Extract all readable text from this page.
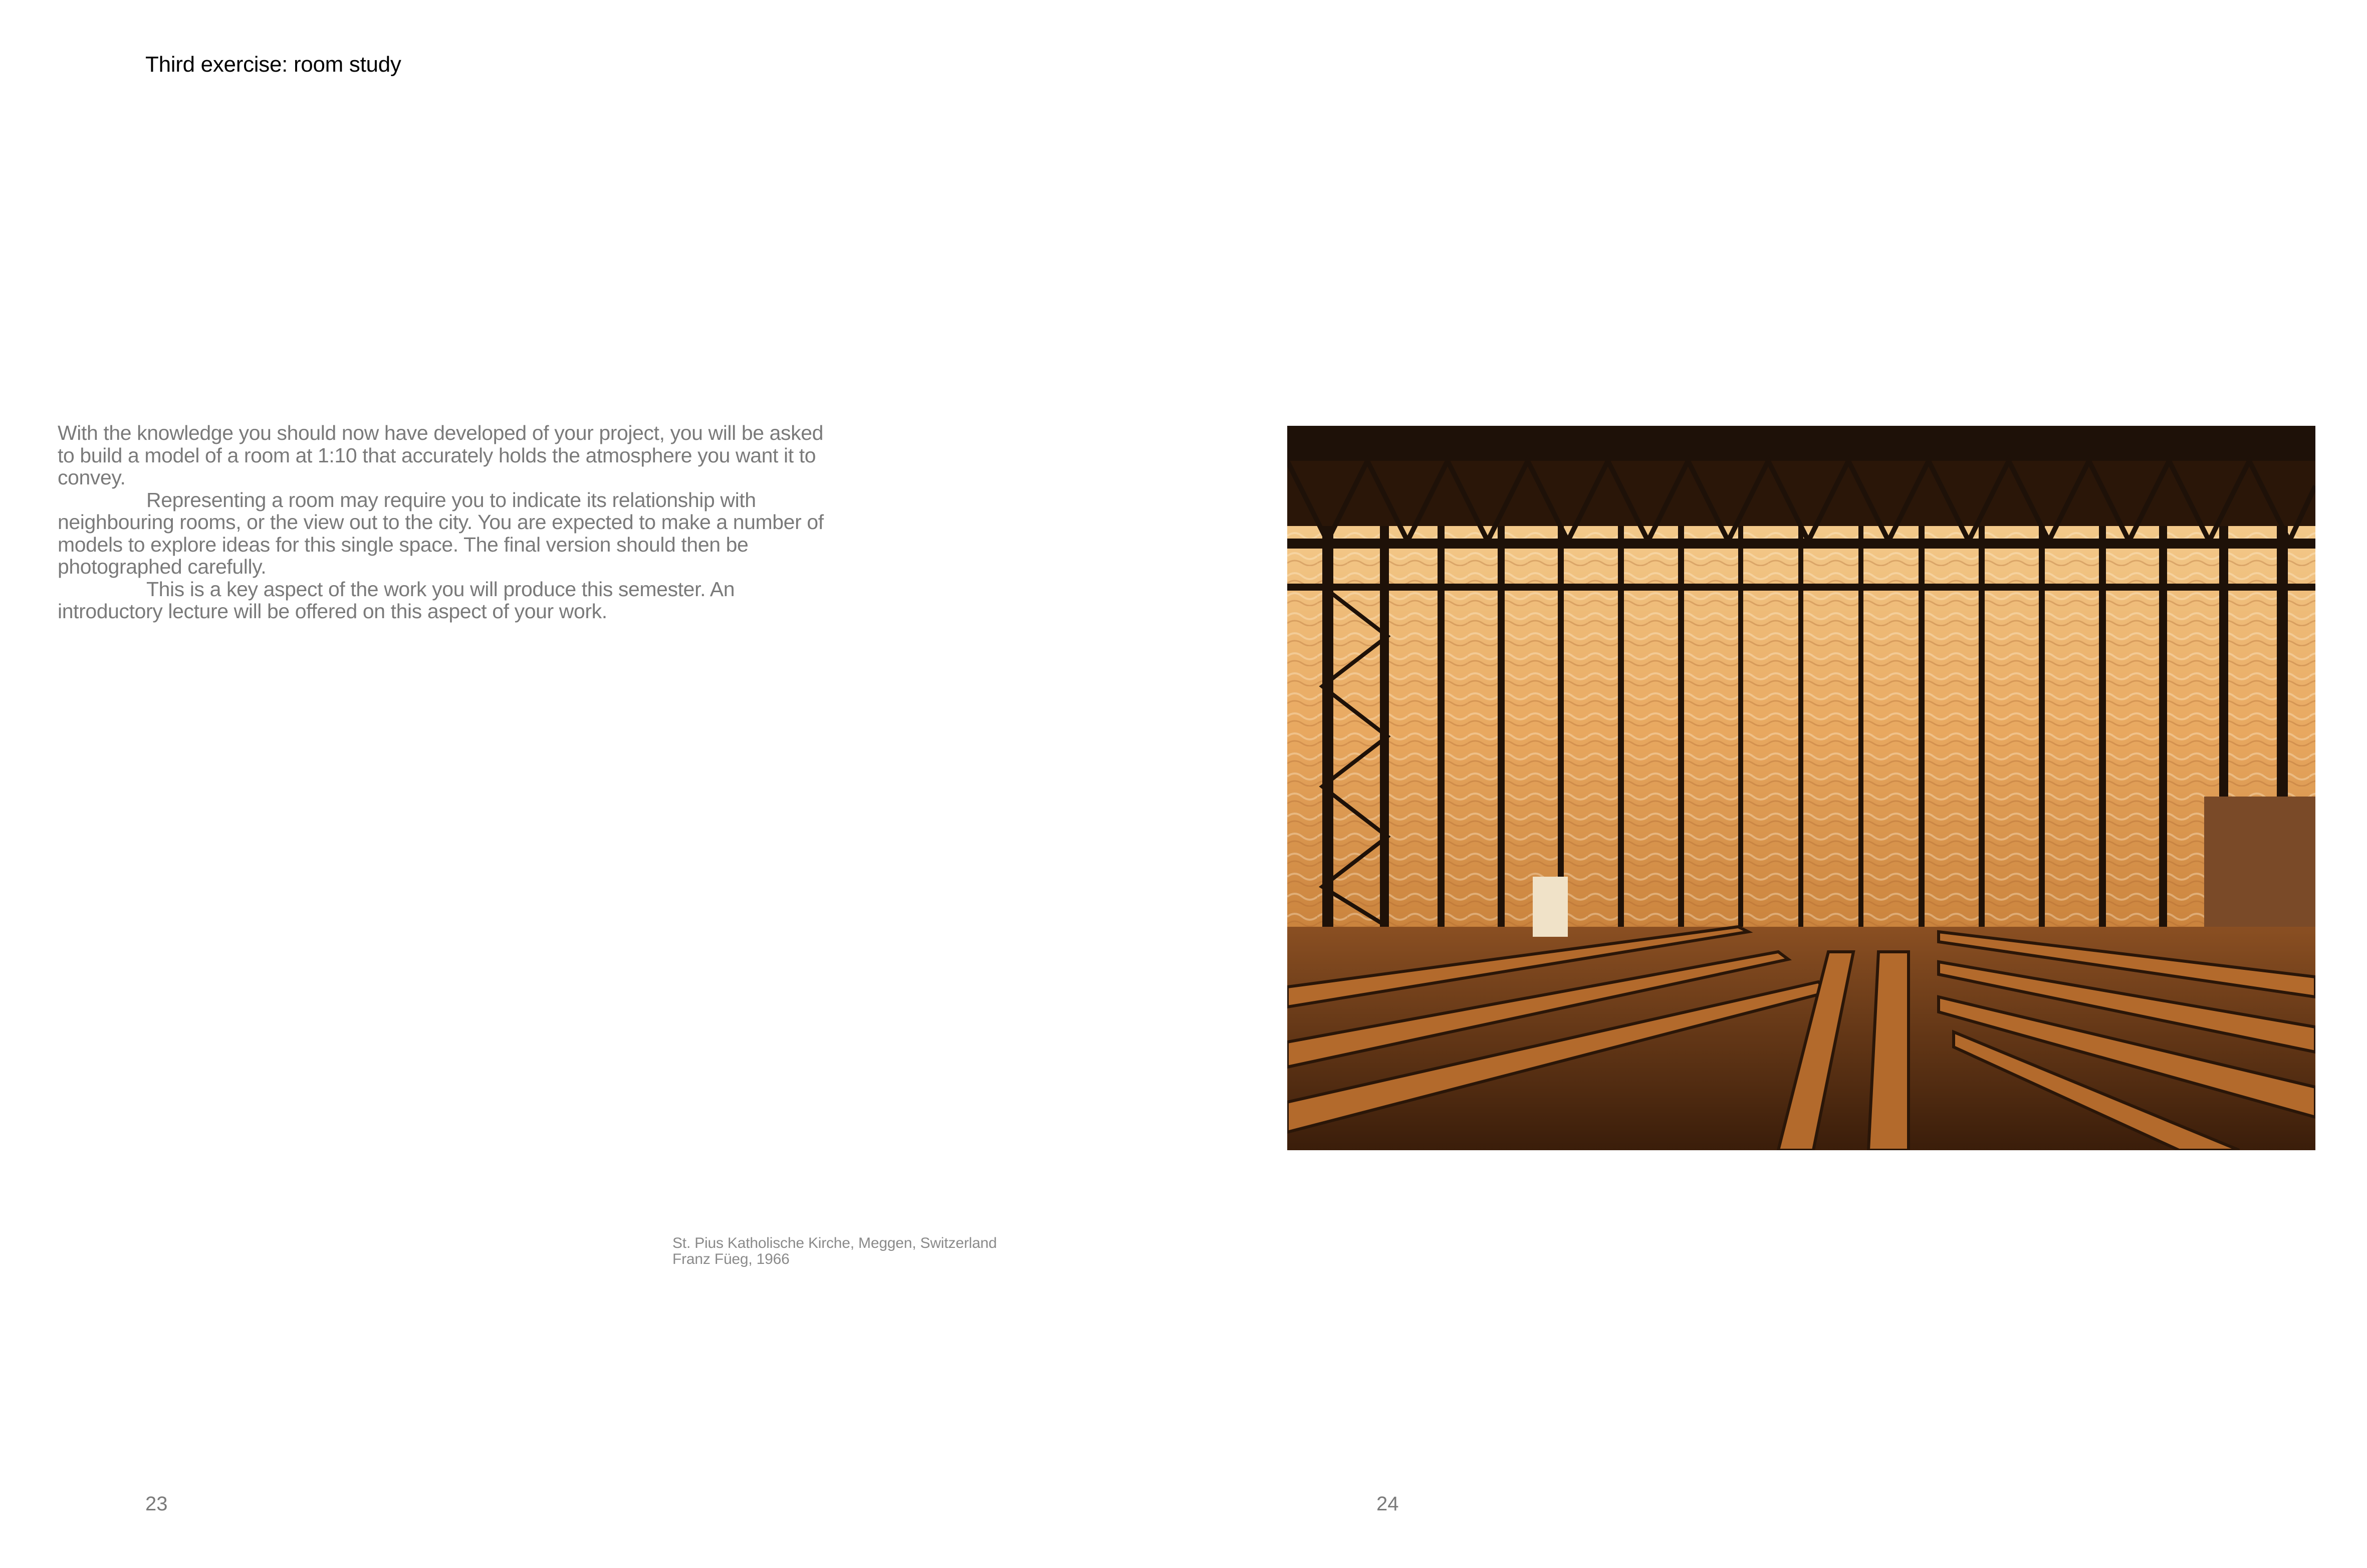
Third exercise: room study

With the knowledge you should now have developed of your project, you will be asked to build a model of a room at 1:10 that accurately holds the atmosphere you want it to convey.

Representing a room may require you to indicate its relationship with neighbouring rooms, or the view out to the city. You are expected to make a number of models to explore ideas for this single space. The final version should then be photographed carefully.

This is a key aspect of the work you will produce this semester. An introductory lecture will be offered on this aspect of your work.

St. Pius Katholische Kirche, Meggen, Switzerland
Franz Füeg, 1966
23	24
